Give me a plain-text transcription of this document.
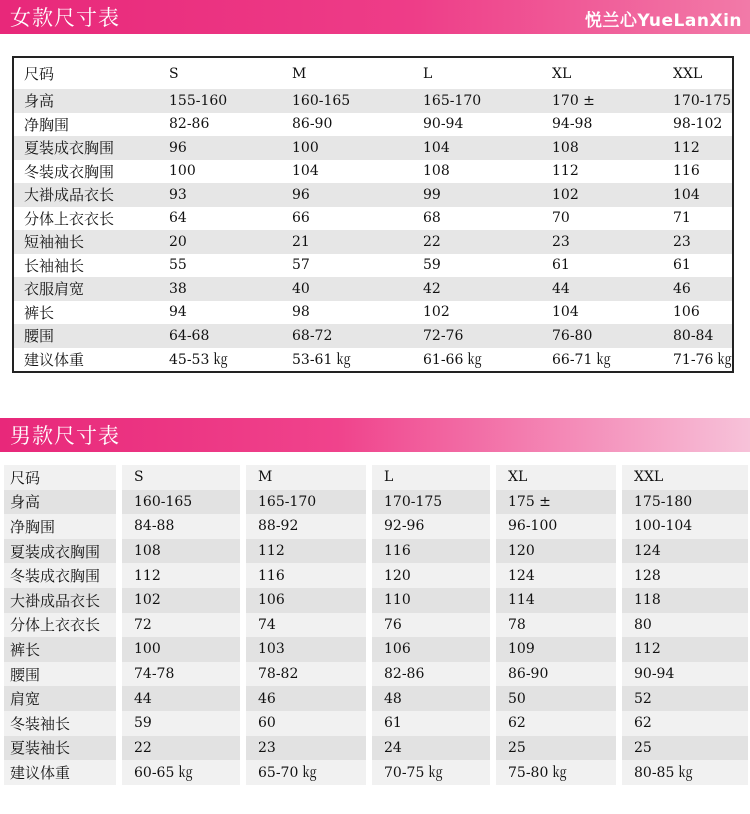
女款尺寸表	悦兰心YueLanXin
尺码	S	M	L	XL	XXL
身高	155-160	160-165	165-170	170 ±	170-175
净胸围	82-86	86-90	90-94	94-98	98-102
夏装成衣胸围	96	100	104	108	112
冬装成衣胸围	100	104	108	112	116
大褂成品衣长	93	96	99	102	104
分体上衣衣长	64	66	68	70	71
短袖袖长	20	21	22	23	23
长袖袖长	55	57	59	61	61
衣服肩宽	38	40	42	44	46
裤长	94	98	102	104	106
腰围	64-68	68-72	72-76	76-80	80-84
建议体重	45-53 ㎏	53-61 ㎏	61-66 ㎏	66-71 ㎏	71-76 ㎏
男款尺寸表
尺码	S	M	L	XL	XXL
身高	160-165	165-170	170-175	175 ±	175-180
净胸围	84-88	88-92	92-96	96-100	100-104
夏装成衣胸围	108	112	116	120	124
冬装成衣胸围	112	116	120	124	128
大褂成品衣长	102	106	110	114	118
分体上衣衣长	72	74	76	78	80
裤长	100	103	106	109	112
腰围	74-78	78-82	82-86	86-90	90-94
肩宽	44	46	48	50	52
冬装袖长	59	60	61	62	62
夏装袖长	22	23	24	25	25
建议体重	60-65 ㎏	65-70 ㎏	70-75 ㎏	75-80 ㎏	80-85 ㎏
